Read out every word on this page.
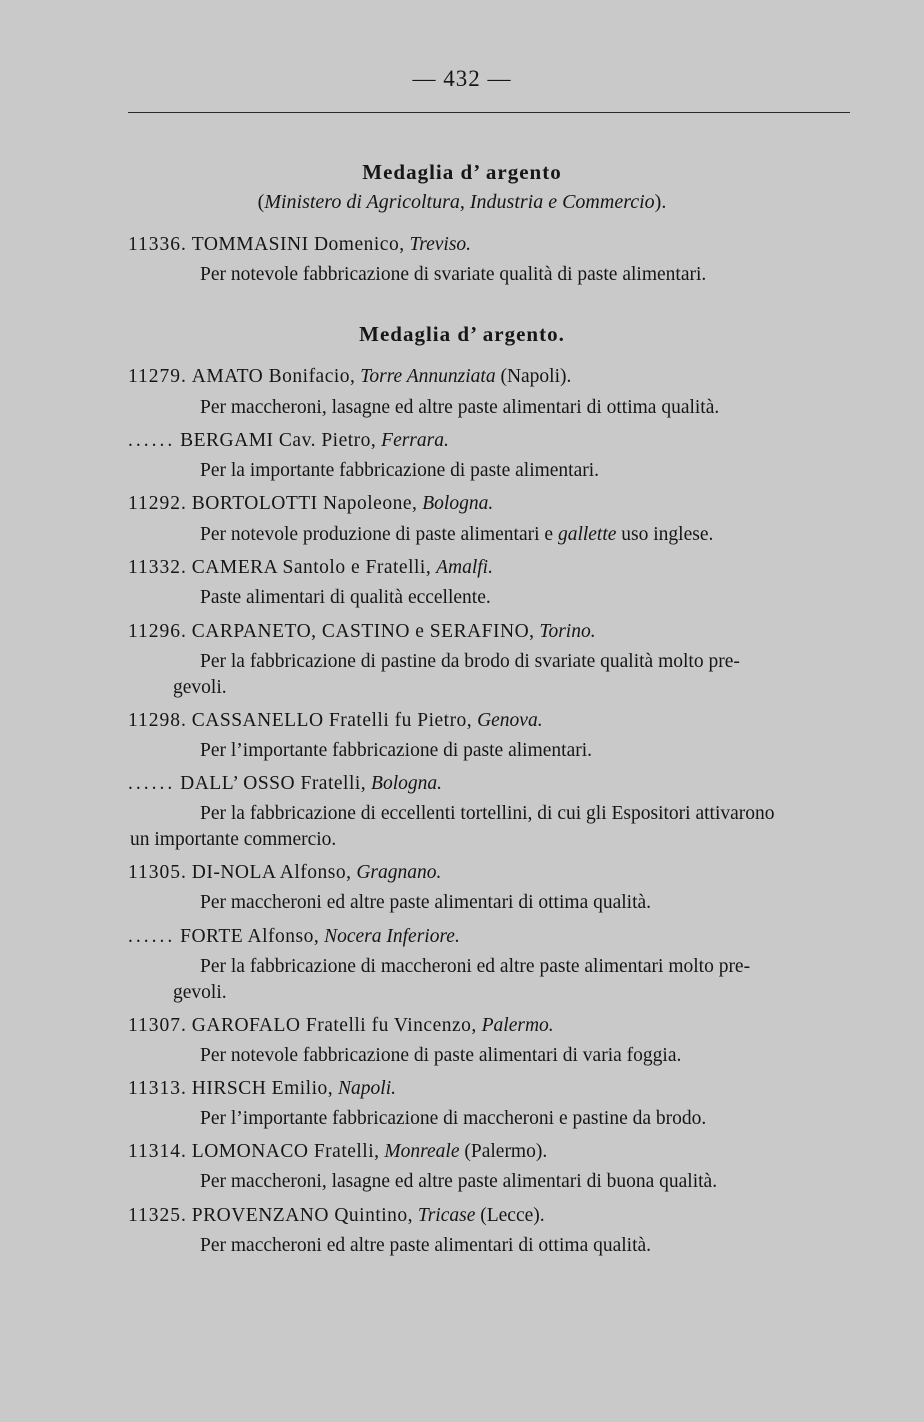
— 432 —
Medaglia d’ argento
(Ministero di Agricoltura, Industria e Commercio).
11336. TOMMASINI Domenico, Treviso.
Per notevole fabbricazione di svariate qualità di paste alimentari.
Medaglia d’ argento.
11279. AMATO Bonifacio, Torre Annunziata (Napoli).
Per maccheroni, lasagne ed altre paste alimentari di ottima qualità.
...... BERGAMI Cav. Pietro, Ferrara.
Per la importante fabbricazione di paste alimentari.
11292. BORTOLOTTI Napoleone, Bologna.
Per notevole produzione di paste alimentari e gallette uso inglese.
11332. CAMERA Santolo e Fratelli, Amalfi.
Paste alimentari di qualità eccellente.
11296. CARPANETO, CASTINO e SERAFINO, Torino.
Per la fabbricazione di pastine da brodo di svariate qualità molto pre-
gevoli.
11298. CASSANELLO Fratelli fu Pietro, Genova.
Per l’importante fabbricazione di paste alimentari.
...... DALL’ OSSO Fratelli, Bologna.
Per la fabbricazione di eccellenti tortellini, di cui gli Espositori attivarono
un importante commercio.
11305. DI-NOLA Alfonso, Gragnano.
Per maccheroni ed altre paste alimentari di ottima qualità.
...... FORTE Alfonso, Nocera Inferiore.
Per la fabbricazione di maccheroni ed altre paste alimentari molto pre-
gevoli.
11307. GAROFALO Fratelli fu Vincenzo, Palermo.
Per notevole fabbricazione di paste alimentari di varia foggia.
11313. HIRSCH Emilio, Napoli.
Per l’importante fabbricazione di maccheroni e pastine da brodo.
11314. LOMONACO Fratelli, Monreale (Palermo).
Per maccheroni, lasagne ed altre paste alimentari di buona qualità.
11325. PROVENZANO Quintino, Tricase (Lecce).
Per maccheroni ed altre paste alimentari di ottima qualità.
